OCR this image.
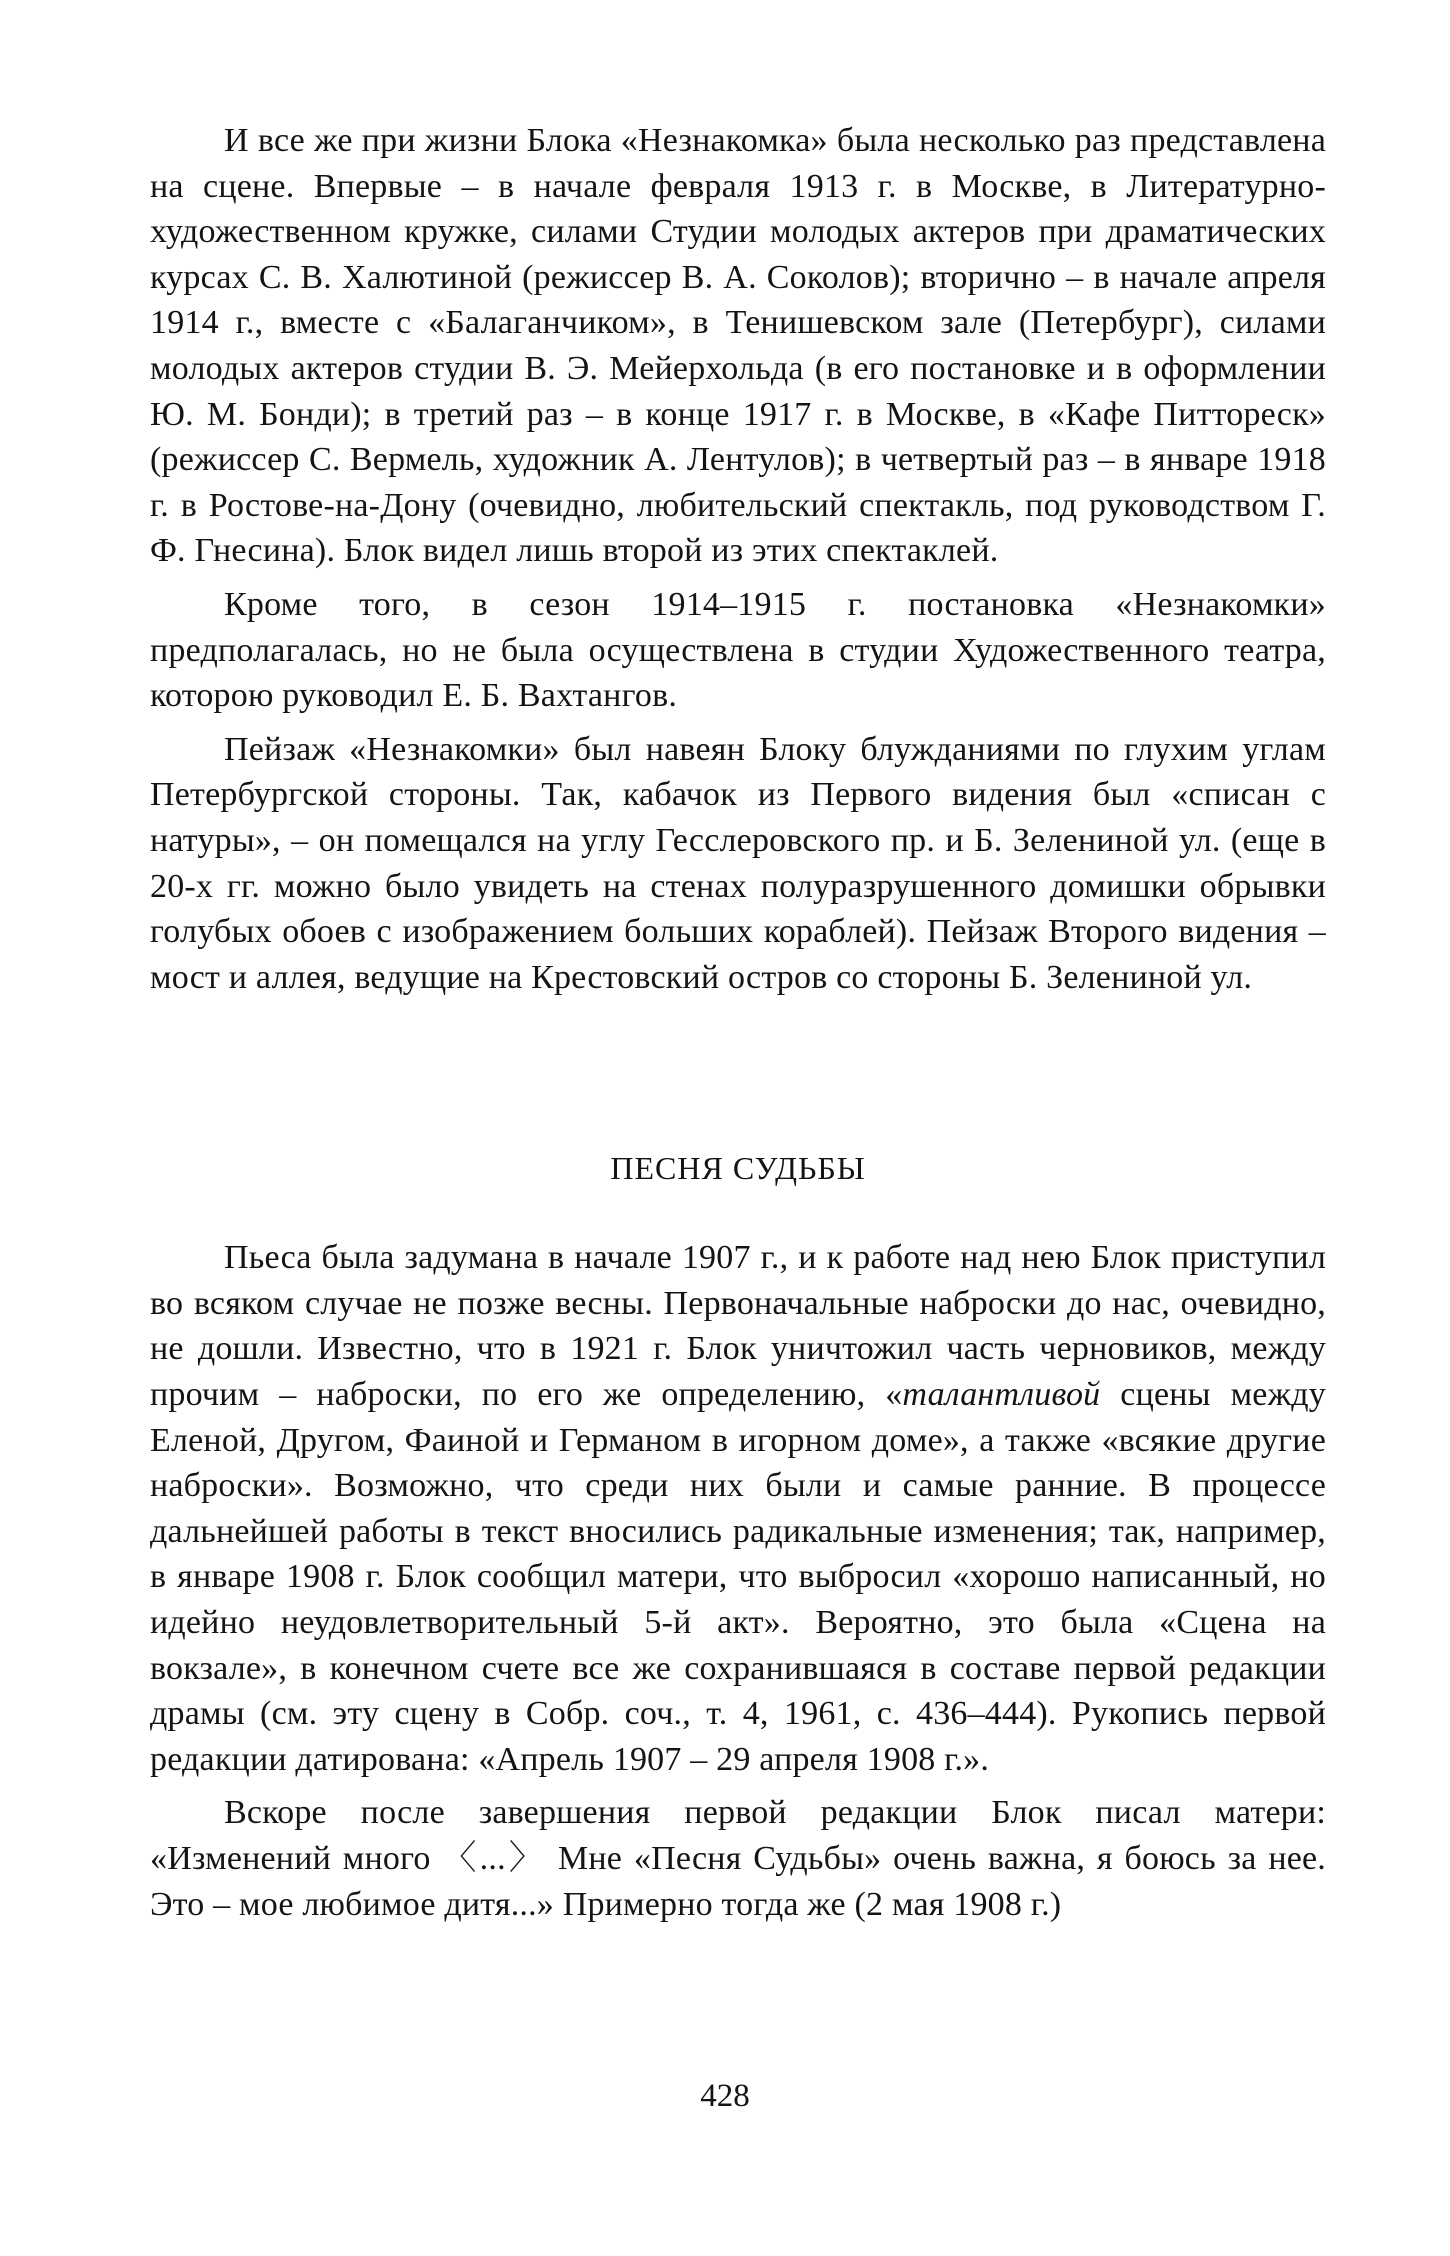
И все же при жизни Блока «Незнакомка» была несколько раз представлена на сцене. Впервые – в начале февраля 1913 г. в Москве, в Литературно-художественном кружке, силами Студии молодых актеров при драматических курсах С. В. Халютиной (режиссер В. А. Соколов); вторично – в начале апреля 1914 г., вместе с «Балаганчиком», в Тенишевском зале (Петербург), силами молодых актеров студии В. Э. Мейерхольда (в его постановке и в оформлении Ю. М. Бонди); в третий раз – в конце 1917 г. в Москве, в «Кафе Питтореск» (режиссер С. Вермель, художник А. Лентулов); в четвертый раз – в январе 1918 г. в Ростове-на-Дону (очевидно, любительский спектакль, под руководством Г. Ф. Гнесина). Блок видел лишь второй из этих спектаклей.

Кроме того, в сезон 1914–1915 г. постановка «Незнакомки» предполагалась, но не была осуществлена в студии Художественного театра, которою руководил Е. Б. Вахтангов.

Пейзаж «Незнакомки» был навеян Блоку блужданиями по глухим углам Петербургской стороны. Так, кабачок из Первого видения был «списан с натуры», – он помещался на углу Гесслеровского пр. и Б. Зелениной ул. (еще в 20-х гг. можно было увидеть на стенах полуразрушенного домишки обрывки голубых обоев с изображением больших кораблей). Пейзаж Второго видения – мост и аллея, ведущие на Крестовский остров со стороны Б. Зелениной ул.

ПЕСНЯ СУДЬБЫ

Пьеса была задумана в начале 1907 г., и к работе над нею Блок приступил во всяком случае не позже весны. Первоначальные наброски до нас, очевидно, не дошли. Известно, что в 1921 г. Блок уничтожил часть черновиков, между прочим – наброски, по его же определению, «талантливой сцены между Еленой, Другом, Фаиной и Германом в игорном доме», а также «всякие другие наброски». Возможно, что среди них были и самые ранние. В процессе дальнейшей работы в текст вносились радикальные изменения; так, например, в январе 1908 г. Блок сообщил матери, что выбросил «хорошо написанный, но идейно неудовлетворительный 5-й акт». Вероятно, это была «Сцена на вокзале», в конечном счете все же сохранившаяся в составе первой редакции драмы (см. эту сцену в Собр. соч., т. 4, 1961, с. 436–444). Рукопись первой редакции датирована: «Апрель 1907 – 29 апреля 1908 г.».

Вскоре после завершения первой редакции Блок писал матери: «Изменений много 〈...〉 Мне «Песня Судьбы» очень важна, я боюсь за нее. Это – мое любимое дитя...» Примерно тогда же (2 мая 1908 г.)

428
